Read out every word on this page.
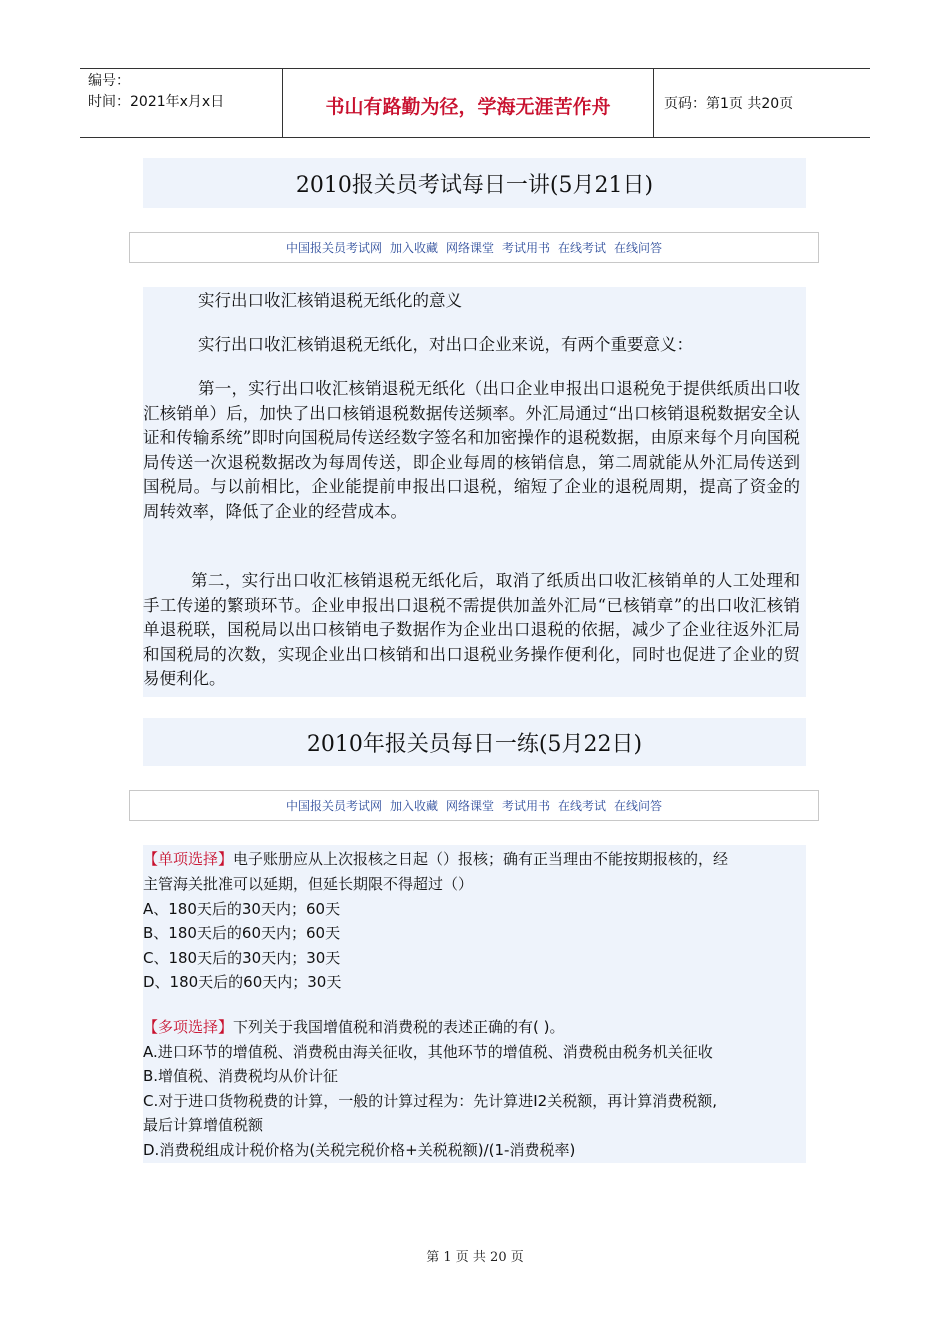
编号：
时间：2021年x月x日	书山有路勤为径，学海无涯苦作舟	页码：第1页 共20页
2010报关员考试每日一讲(5月21日)
中国报关员考试网 加入收藏 网络课堂 考试用书 在线考试 在线问答

实行出口收汇核销退税无纸化的意义

实行出口收汇核销退税无纸化，对出口企业来说，有两个重要意义：

第一，实行出口收汇核销退税无纸化（出口企业申报出口退税免于提供纸质出口收汇核销单）后，加快了出口核销退税数据传送频率。外汇局通过“出口核销退税数据安全认证和传输系统”即时向国税局传送经数字签名和加密操作的退税数据，由原来每个月向国税局传送一次退税数据改为每周传送，即企业每周的核销信息，第二周就能从外汇局传送到国税局。与以前相比，企业能提前申报出口退税，缩短了企业的退税周期，提高了资金的周转效率，降低了企业的经营成本。

第二，实行出口收汇核销退税无纸化后，取消了纸质出口收汇核销单的人工处理和手工传递的繁琐环节。企业申报出口退税不需提供加盖外汇局“已核销章”的出口收汇核销单退税联，国税局以出口核销电子数据作为企业出口退税的依据，减少了企业往返外汇局和国税局的次数，实现企业出口核销和出口退税业务操作便利化，同时也促进了企业的贸易便利化。

2010年报关员每日一练(5月22日)
中国报关员考试网 加入收藏 网络课堂 考试用书 在线考试 在线问答
【单项选择】电子账册应从上次报核之日起（）报核；确有正当理由不能按期报核的，经
主管海关批准可以延期，但延长期限不得超过（）
A、180天后的30天内；60天
B、180天后的60天内；60天
C、180天后的30天内；30天
D、180天后的60天内；30天
【多项选择】下列关于我国增值税和消费税的表述正确的有( )。
A.进口环节的增值税、消费税由海关征收，其他环节的增值税、消费税由税务机关征收
B.增值税、消费税均从价计征
C.对于进口货物税费的计算，一般的计算过程为：先计算进I2关税额，再计算消费税额,
最后计算增值税额
D.消费税组成计税价格为(关税完税价格+关税税额)/(1-消费税率)
第 1 页 共 20 页
